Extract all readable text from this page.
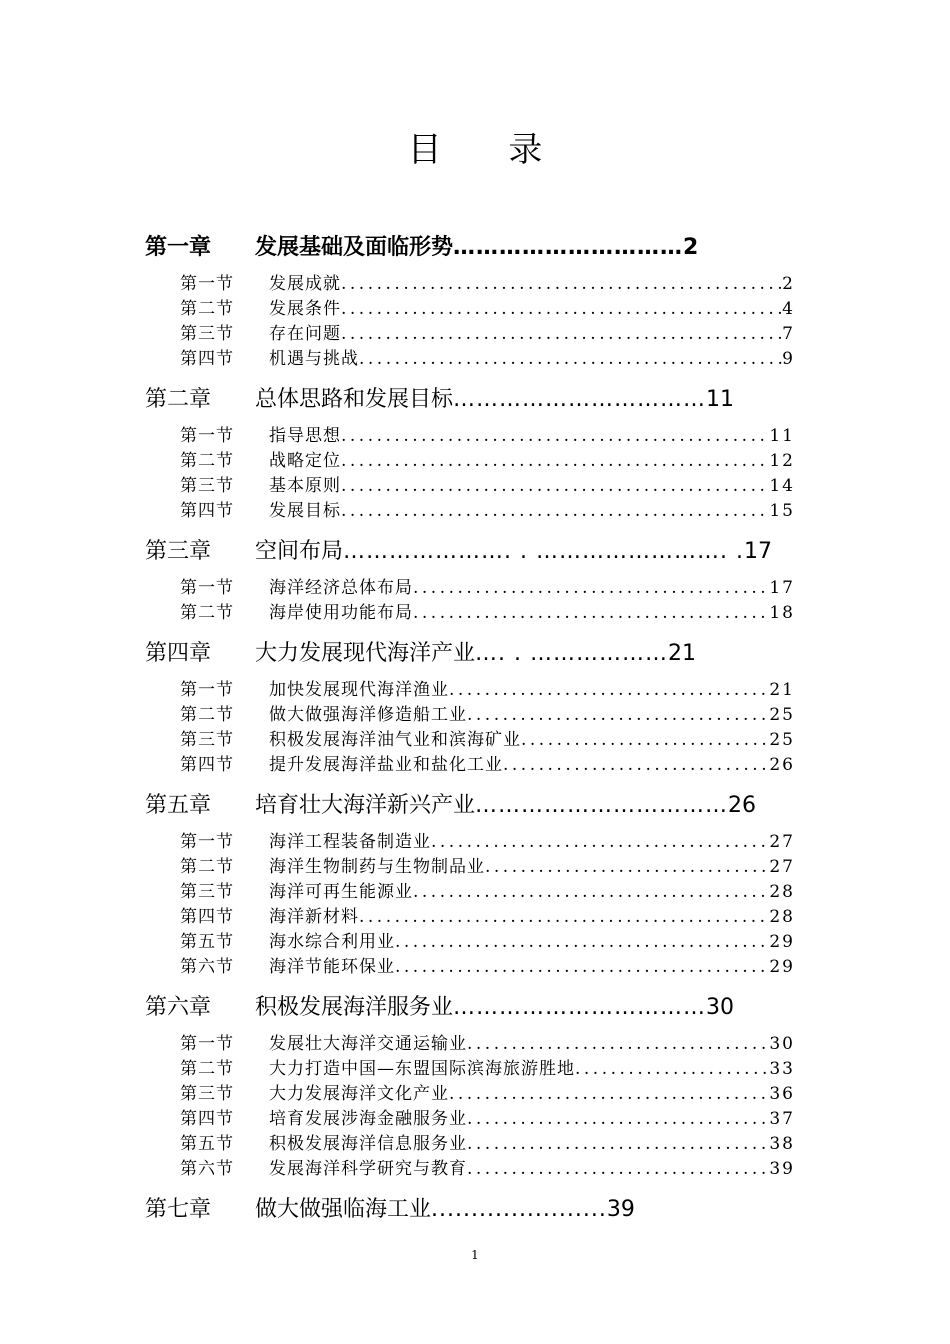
目 录
第一章	发展基础及面临形势 ………………………… 2
第一节	发展成就 .....	2
第二节	发展条件 .....	4
第三节	存在问题 .....	7
第四节	机遇与挑战 .....	9
第二章	总体思路和发展目标 …………………………… 11
第一节	指导思想 .....	11
第二节	战略定位 .....	12
第三节	基本原则 .....	14
第四节	发展目标 .....	15
第三章	空间布局 …………………. . ……………………. . 17
第一节	海洋经济总体布局 .....	17
第二节	海岸使用功能布局 .....	18
第四章	大力发展现代海洋产业 …. . ……………… 21
第一节	加快发展现代海洋渔业 .....	21
第二节	做大做强海洋修造船工业 .....	25
第三节	积极发展海洋油气业和滨海矿业 .....	25
第四节	提升发展海洋盐业和盐化工业 .....	26
第五章	培育壮大海洋新兴产业 …………………………… 26
第一节	海洋工程装备制造业 .....	27
第二节	海洋生物制药与生物制品业 .....	27
第三节	海洋可再生能源业 .....	28
第四节	海洋新材料 .....	28
第五节	海水综合利用业 .....	29
第六节	海洋节能环保业 .....	29
第六章	积极发展海洋服务业 …………………………… 30
第一节	发展壮大海洋交通运输业 .....	30
第二节	大力打造中国—东盟国际滨海旅游胜地 .....	33
第三节	大力发展海洋文化产业 .....	36
第四节	培育发展涉海金融服务业 .....	37
第五节	积极发展海洋信息服务业 .....	38
第六节	发展海洋科学研究与教育 .....	39
第七章	做大做强临海工业 ...................... 39
1
